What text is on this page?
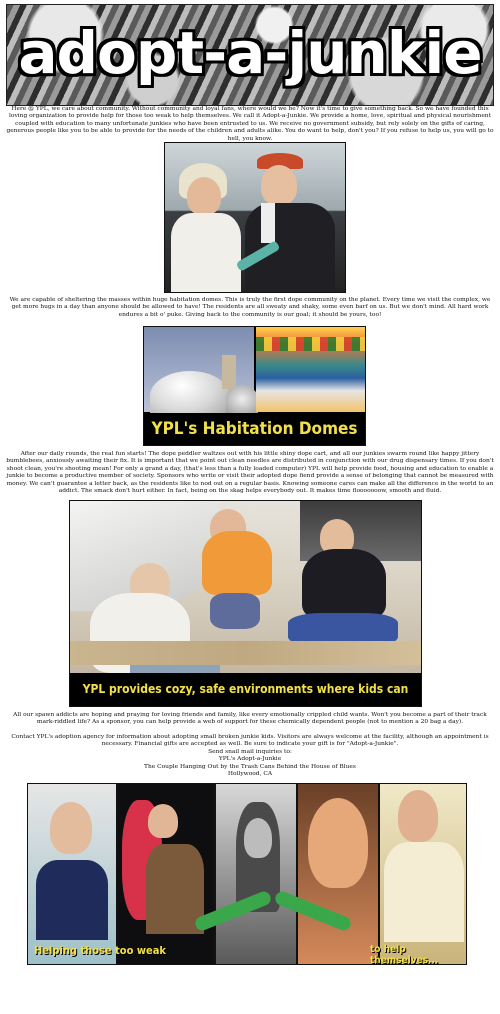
adopt-a-junkie

Here @ YPL, we care about community. Without community and loyal fans, where would we be? Now it's time to give something back. So we have founded this loving organization to provide help for those too weak to help themselves. We call it Adopt-a-Junkie. We provide a home, love, spiritual and physical nourishment coupled with education to many unfortunate junkies who have been entrusted to us. We receive no government subsidy, but rely solely on the gifts of caring, generous people like you to be able to provide for the needs of the children and adults alike. You do want to help, don't you? If you refuse to help us, you will go to hell, you know.

We are capable of sheltering the masses within huge habitation domes. This is truly the first dope community on the planet. Every time we visit the complex, we get more hugs in a day than anyone should be allowed to have! The residents are all sweaty and shaky, some even barf on us. But we don't mind. All hard work endures a bit o' puke. Giving back to the community is our goal; it should be yours, too!

YPL's Habitation Domes

After our daily rounds, the real fun starts! The dope peddler waltzes out with his little shiny dope cart, and all our junkies swarm round like happy jittery bumblebees, anxiously awaiting their fix. It is important that we point out clean needles are distributed in conjunction with our drug dispensary times. If you don't shoot clean, you're shooting mean! For only a grand a day, (that's less than a fully loaded computer) YPL will help provide food, housing and education to enable a junkie to become a productive member of society. Sponsors who write or visit their adopted dope fiend provide a sense of belonging that cannot be measured with money. We can't guarantee a letter back, as the residents like to nod out on a regular basis. Knowing someone cares can make all the difference in the world to an addict. The smack don't hurt either. In fact, being on the skag helps everybody out. It makes time flooooooow, smooth and fluid.

YPL provides cozy, safe environments where kids can

All our spawn addicts are hoping and praying for loving friends and family, like every emotionally crippled child wants. Won't you become a part of their track mark-riddled life? As a sponsor, you can help provide a web of support for these chemically dependent people (not to mention a 20 bag a day).

Contact YPL's adoption agency for information about adopting small broken junkie kids. Visitors are always welcome at the facility, although an appointment is necessary. Financial gifts are accepted as well. Be sure to indicate your gift is for "Adopt-a-Junkie".

Send snail mail inquiries to:
YPL's Adopt-a-Junkie
The Couple Hanging Out by the Trash Cans Behind the House of Blues
Hollywood, CA
Helping those too weak	to help themselves...
